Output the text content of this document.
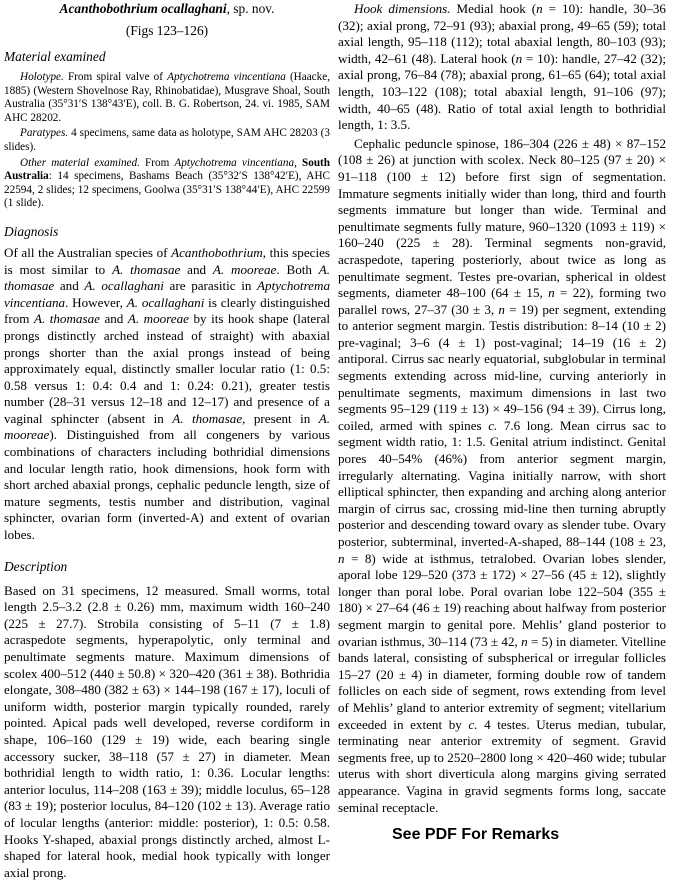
Acanthobothrium ocallaghani, sp. nov.

(Figs 123–126)

Material examined

Holotype. From spiral valve of Aptychotrema vincentiana (Haacke, 1885) (Western Shovelnose Ray, Rhinobatidae), Musgrave Shoal, South Australia (35°31′S 138°43′E), coll. B. G. Robertson, 24. vi. 1985, SAM AHC 28202.

Paratypes. 4 specimens, same data as holotype, SAM AHC 28203 (3 slides).

Other material examined. From Aptychotrema vincentiana, South Australia: 14 specimens, Bashams Beach (35°32′S 138°42′E), AHC 22594, 2 slides; 12 specimens, Goolwa (35°31′S 138°44′E), AHC 22599 (1 slide).

Diagnosis

Of all the Australian species of Acanthobothrium, this species is most similar to A. thomasae and A. mooreae. Both A. thomasae and A. ocallaghani are parasitic in Aptychotrema vincentiana. However, A. ocallaghani is clearly distinguished from A. thomasae and A. mooreae by its hook shape (lateral prongs distinctly arched instead of straight) with abaxial prongs shorter than the axial prongs instead of being approximately equal, distinctly smaller locular ratio (1: 0.5: 0.58 versus 1: 0.4: 0.4 and 1: 0.24: 0.21), greater testis number (28–31 versus 12–18 and 12–17) and presence of a vaginal sphincter (absent in A. thomasae, present in A. mooreae). Distinguished from all congeners by various combinations of characters including bothridial dimensions and locular length ratio, hook dimensions, hook form with short arched abaxial prongs, cephalic peduncle length, size of mature segments, testis number and distribution, vaginal sphincter, ovarian form (inverted-A) and extent of ovarian lobes.

Description

Based on 31 specimens, 12 measured. Small worms, total length 2.5–3.2 (2.8 ± 0.26) mm, maximum width 160–240 (225 ± 27.7). Strobila consisting of 5–11 (7 ± 1.8) acraspedote segments, hyperapolytic, only terminal and penultimate segments mature. Maximum dimensions of scolex 400–512 (440 ± 50.8) × 320–420 (361 ± 38). Bothridia elongate, 308–480 (382 ± 63) × 144–198 (167 ± 17), loculi of uniform width, posterior margin typically rounded, rarely pointed. Apical pads well developed, reverse cordiform in shape, 106–160 (129 ± 19) wide, each bearing single accessory sucker, 38–118 (57 ± 27) in diameter. Mean bothridial length to width ratio, 1: 0.36. Locular lengths: anterior loculus, 114–208 (163 ± 39); middle loculus, 65–128 (83 ± 19); posterior loculus, 84–120 (102 ± 13). Average ratio of locular lengths (anterior: middle: posterior), 1: 0.5: 0.58. Hooks Y-shaped, abaxial prongs distinctly arched, almost L-shaped for lateral hook, medial hook typically with longer axial prong.

Hook dimensions. Medial hook (n = 10): handle, 30–36 (32); axial prong, 72–91 (93); abaxial prong, 49–65 (59); total axial length, 95–118 (112); total abaxial length, 80–103 (93); width, 42–61 (48). Lateral hook (n = 10): handle, 27–42 (32); axial prong, 76–84 (78); abaxial prong, 61–65 (64); total axial length, 103–122 (108); total abaxial length, 91–106 (97); width, 40–65 (48). Ratio of total axial length to bothridial length, 1: 3.5.

Cephalic peduncle spinose, 186–304 (226 ± 48) × 87–152 (108 ± 26) at junction with scolex. Neck 80–125 (97 ± 20) × 91–118 (100 ± 12) before first sign of segmentation. Immature segments initially wider than long, third and fourth segments immature but longer than wide. Terminal and penultimate segments fully mature, 960–1320 (1093 ± 119) × 160–240 (225 ± 28). Terminal segments non-gravid, acraspedote, tapering posteriorly, about twice as long as penultimate segment. Testes pre-ovarian, spherical in oldest segments, diameter 48–100 (64 ± 15, n = 22), forming two parallel rows, 27–37 (30 ± 3, n = 19) per segment, extending to anterior segment margin. Testis distribution: 8–14 (10 ± 2) pre-vaginal; 3–6 (4 ± 1) post-vaginal; 14–19 (16 ± 2) antiporal. Cirrus sac nearly equatorial, subglobular in terminal segments extending across mid-line, curving anteriorly in penultimate segments, maximum dimensions in last two segments 95–129 (119 ± 13) × 49–156 (94 ± 39). Cirrus long, coiled, armed with spines c. 7.6 long. Mean cirrus sac to segment width ratio, 1: 1.5. Genital atrium indistinct. Genital pores 40–54% (46%) from anterior segment margin, irregularly alternating. Vagina initially narrow, with short elliptical sphincter, then expanding and arching along anterior margin of cirrus sac, crossing mid-line then turning abruptly posterior and descending toward ovary as slender tube. Ovary posterior, subterminal, inverted-A-shaped, 88–144 (108 ± 23, n = 8) wide at isthmus, tetralobed. Ovarian lobes slender, aporal lobe 129–520 (373 ± 172) × 27–56 (45 ± 12), slightly longer than poral lobe. Poral ovarian lobe 122–504 (355 ± 180) × 27–64 (46 ± 19) reaching about halfway from posterior segment margin to genital pore. Mehlis’ gland posterior to ovarian isthmus, 30–114 (73 ± 42, n = 5) in diameter. Vitelline bands lateral, consisting of subspherical or irregular follicles 15–27 (20 ± 4) in diameter, forming double row of tandem follicles on each side of segment, rows extending from level of Mehlis’ gland to anterior extremity of segment; vitellarium exceeded in extent by c. 4 testes. Uterus median, tubular, terminating near anterior extremity of segment. Gravid segments free, up to 2520–2800 long × 420–460 wide; tubular uterus with short diverticula along margins giving serrated appearance. Vagina in gravid segments forms long, saccate seminal receptacle.

See PDF For Remarks
